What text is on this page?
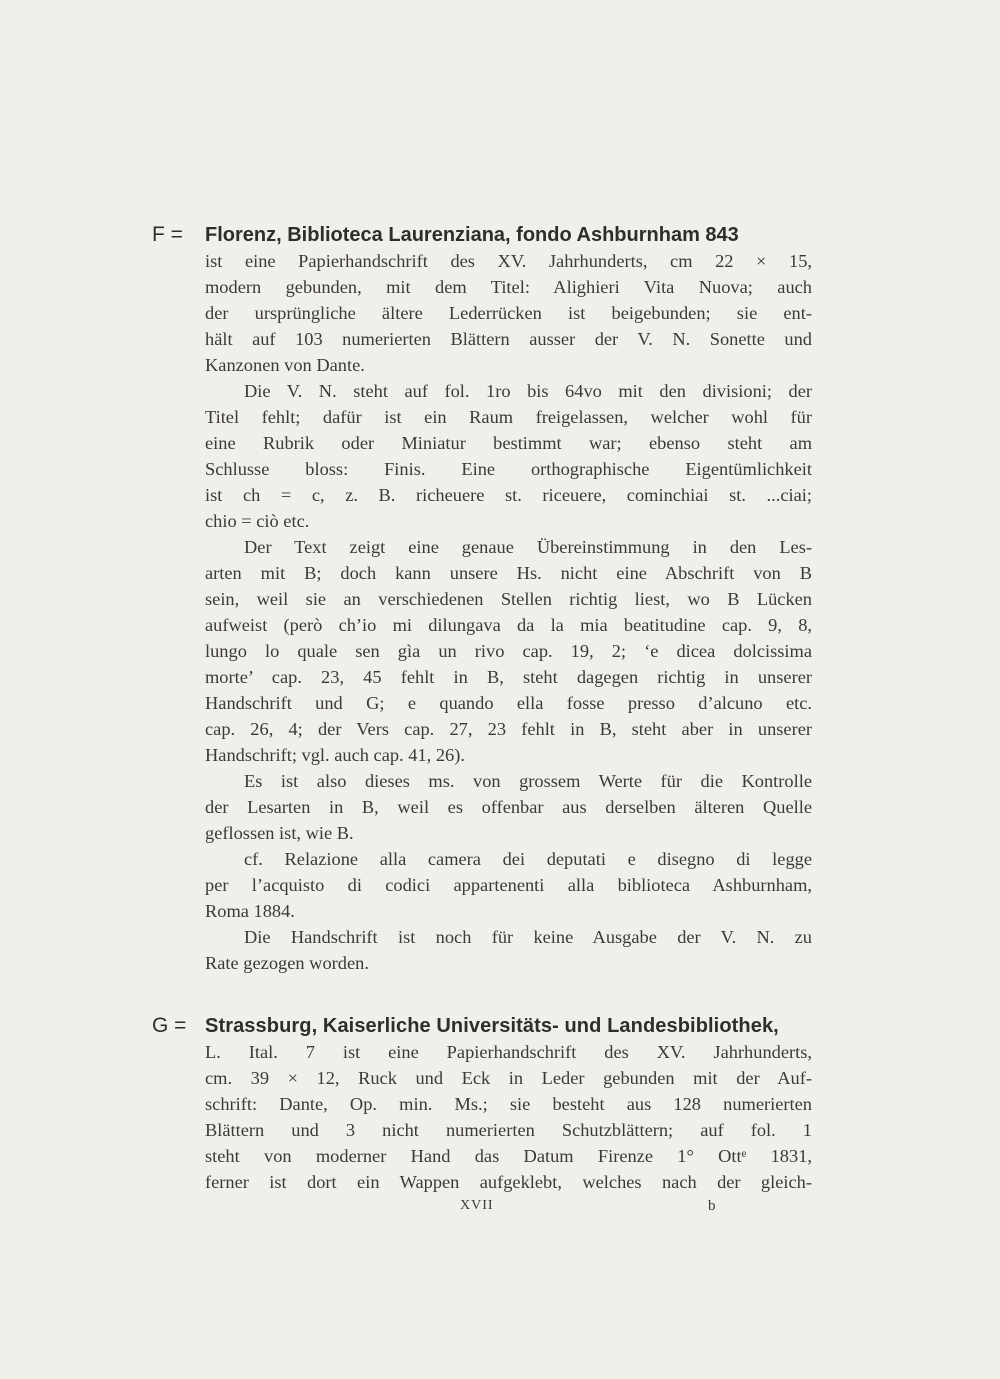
F = Florenz, Biblioteca Laurenziana, fondo Ashburnham 843
ist eine Papierhandschrift des XV. Jahrhunderts, cm 22 × 15,
modern gebunden, mit dem Titel: Alighieri Vita Nuova; auch
der ursprüngliche ältere Lederrücken ist beigebunden; sie ent-
hält auf 103 numerierten Blättern ausser der V. N. Sonette und
Kanzonen von Dante.
Die V. N. steht auf fol. 1ro bis 64vo mit den divisioni; der
Titel fehlt; dafür ist ein Raum freigelassen, welcher wohl für
eine Rubrik oder Miniatur bestimmt war; ebenso steht am
Schlusse bloss: Finis. Eine orthographische Eigentümlichkeit
ist ch = c, z. B. richeuere st. riceuere, cominchiai st. ...ciai;
chio = ciò etc.
Der Text zeigt eine genaue Übereinstimmung in den Les-
arten mit B; doch kann unsere Hs. nicht eine Abschrift von B
sein, weil sie an verschiedenen Stellen richtig liest, wo B Lücken
aufweist (però ch’io mi dilungava da la mia beatitudine cap. 9, 8,
lungo lo quale sen gìa un rivo cap. 19, 2; ‘e dicea dolcissima
morte’ cap. 23, 45 fehlt in B, steht dagegen richtig in unserer
Handschrift und G; e quando ella fosse presso d’alcuno etc.
cap. 26, 4; der Vers cap. 27, 23 fehlt in B, steht aber in unserer
Handschrift; vgl. auch cap. 41, 26).
Es ist also dieses ms. von grossem Werte für die Kontrolle
der Lesarten in B, weil es offenbar aus derselben älteren Quelle
geflossen ist, wie B.
cf. Relazione alla camera dei deputati e disegno di legge
per l’acquisto di codici appartenenti alla biblioteca Ashburnham,
Roma 1884.
Die Handschrift ist noch für keine Ausgabe der V. N. zu
Rate gezogen worden.
G = Strassburg, Kaiserliche Universitäts- und Landesbibliothek,
L. Ital. 7 ist eine Papierhandschrift des XV. Jahrhunderts,
cm. 39 × 12, Ruck und Eck in Leder gebunden mit der Auf-
schrift: Dante, Op. min. Ms.; sie besteht aus 128 numerierten
Blättern und 3 nicht numerierten Schutzblättern; auf fol. 1
steht von moderner Hand das Datum Firenze 1° Ottᵉ 1831,
ferner ist dort ein Wappen aufgeklebt, welches nach der gleich-
XVII	b
